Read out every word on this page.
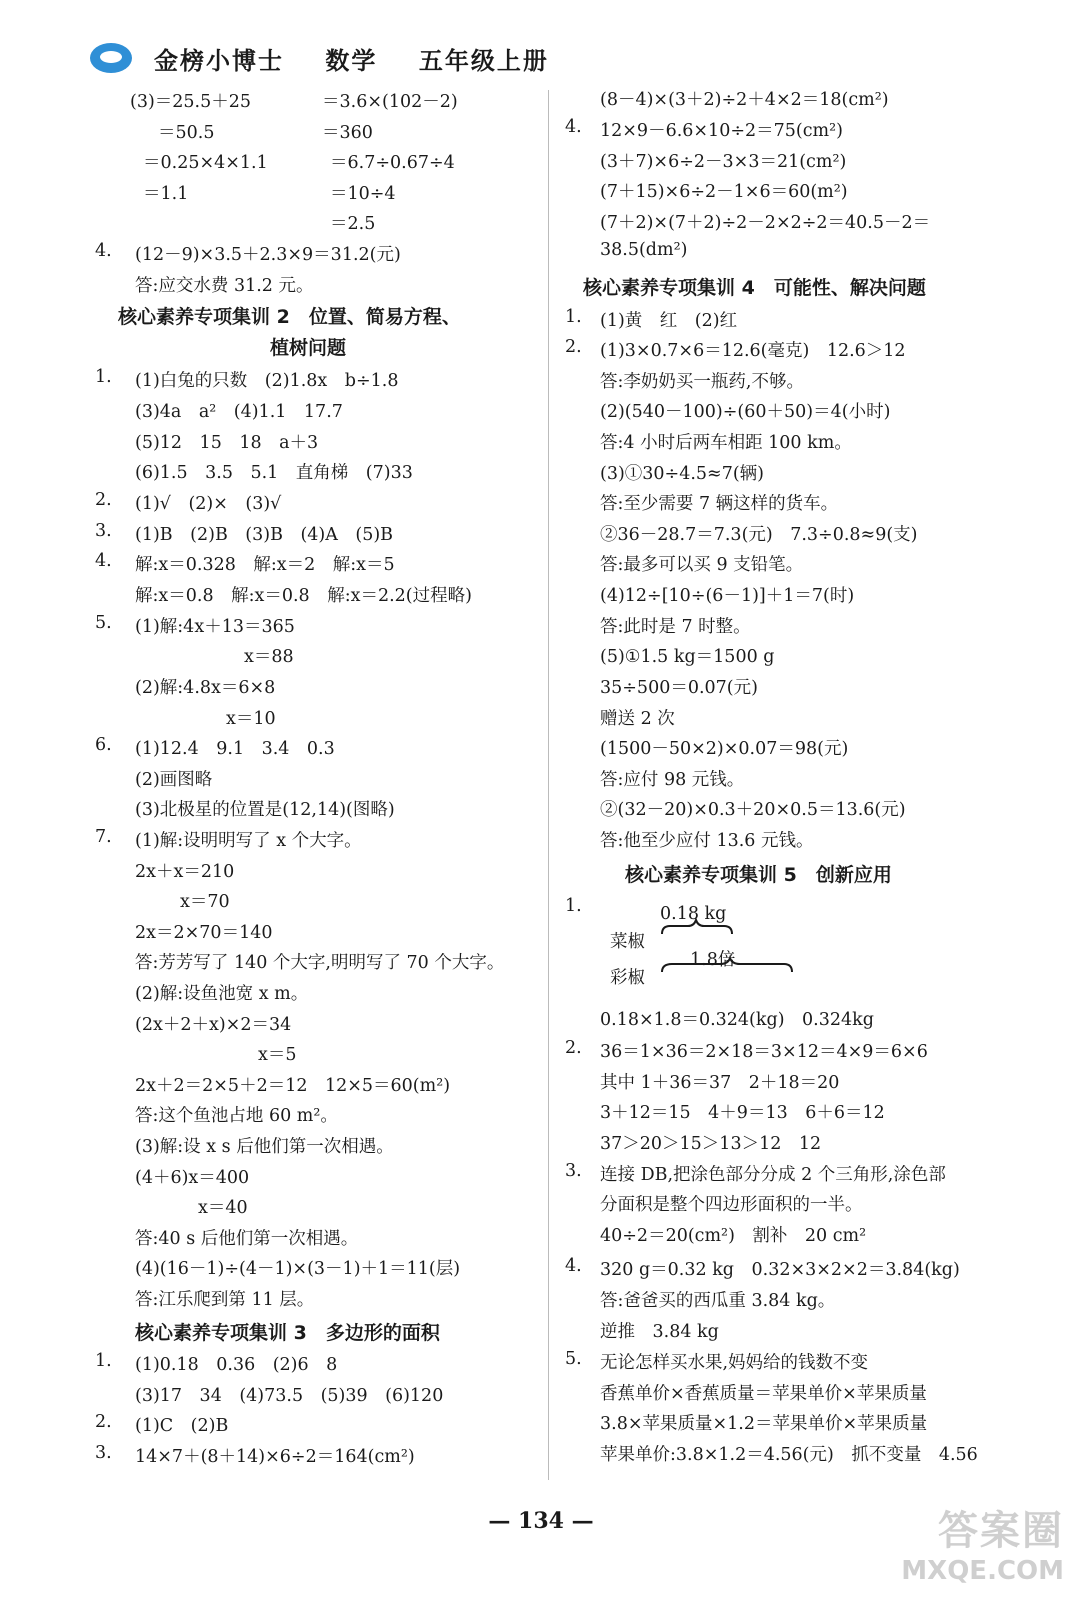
金榜小博士    数学    五年级上册
(3)＝25.5＋25	＝3.6×(102－2)
＝50.5	＝360
＝0.25×4×1.1	＝6.7÷0.67÷4
＝1.1	＝10÷4
＝2.5
4. (12－9)×3.5＋2.3×9＝31.2(元)
答:应交水费 31.2 元。
核心素养专项集训 2　位置、简易方程、
植树问题
1. (1)白兔的只数　(2)1.8x　b÷1.8
(3)4a　a²　(4)1.1　17.7
(5)12　15　18　a＋3
(6)1.5　3.5　5.1　直角梯　(7)33
2. (1)√　(2)×　(3)√
3. (1)B　(2)B　(3)B　(4)A　(5)B
4. 解:x＝0.328　解:x＝2　解:x＝5
解:x＝0.8　解:x＝0.8　解:x＝2.2(过程略)
5. (1)解:4x＋13＝365
x＝88
(2)解:4.8x＝6×8
x＝10
6. (1)12.4　9.1　3.4　0.3
(2)画图略
(3)北极星的位置是(12,14)(图略)
7. (1)解:设明明写了 x 个大字。
2x＋x＝210
x＝70
2x＝2×70＝140
答:芳芳写了 140 个大字,明明写了 70 个大字。
(2)解:设鱼池宽 x m。
(2x＋2＋x)×2＝34
x＝5
2x＋2＝2×5＋2＝12　12×5＝60(m²)
答:这个鱼池占地 60 m²。
(3)解:设 x s 后他们第一次相遇。
(4＋6)x＝400
x＝40
答:40 s 后他们第一次相遇。
(4)(16－1)÷(4－1)×(3－1)＋1＝11(层)
答:江乐爬到第 11 层。
核心素养专项集训 3　多边形的面积
1. (1)0.18　0.36　(2)6　8
(3)17　34　(4)73.5　(5)39　(6)120
2. (1)C　(2)B
3. 14×7＋(8＋14)×6÷2＝164(cm²)
(8－4)×(3＋2)÷2＋4×2＝18(cm²)
4. 12×9－6.6×10÷2＝75(cm²)
(3＋7)×6÷2－3×3＝21(cm²)
(7＋15)×6÷2－1×6＝60(m²)
(7＋2)×(7＋2)÷2－2×2÷2＝40.5－2＝
38.5(dm²)
核心素养专项集训 4　可能性、解决问题
1. (1)黄　红　(2)红
2. (1)3×0.7×6＝12.6(毫克)　12.6＞12
答:李奶奶买一瓶药,不够。
(2)(540－100)÷(60＋50)＝4(小时)
答:4 小时后两车相距 100 km。
(3)①30÷4.5≈7(辆)
答:至少需要 7 辆这样的货车。
②36－28.7＝7.3(元)　7.3÷0.8≈9(支)
答:最多可以买 9 支铅笔。
(4)12÷[10÷(6－1)]＋1＝7(时)
答:此时是 7 时整。
(5)①1.5 kg＝1500 g
35÷500＝0.07(元)
赠送 2 次
(1500－50×2)×0.07＝98(元)
答:应付 98 元钱。
②(32－20)×0.3＋20×0.5＝13.6(元)
答:他至少应付 13.6 元钱。
核心素养专项集训 5　创新应用
1.
0.18×1.8＝0.324(kg)　0.324kg
2. 36＝1×36＝2×18＝3×12＝4×9＝6×6
其中 1＋36＝37　2＋18＝20
3＋12＝15　4＋9＝13　6＋6＝12
37＞20＞15＞13＞12　12
3. 连接 DB,把涂色部分分成 2 个三角形,涂色部
分面积是整个四边形面积的一半。
40÷2＝20(cm²)　割补　20 cm²
4. 320 g＝0.32 kg　0.32×3×2×2＝3.84(kg)
答:爸爸买的西瓜重 3.84 kg。
逆推　3.84 kg
5. 无论怎样买水果,妈妈给的钱数不变
香蕉单价×香蕉质量＝苹果单价×苹果质量
3.8×苹果质量×1.2＝苹果单价×苹果质量
苹果单价:3.8×1.2＝4.56(元)　抓不变量　4.56
0.18 kg
菜椒
1.8倍
彩椒
— 134 —	答案圈
MXQE.COM
